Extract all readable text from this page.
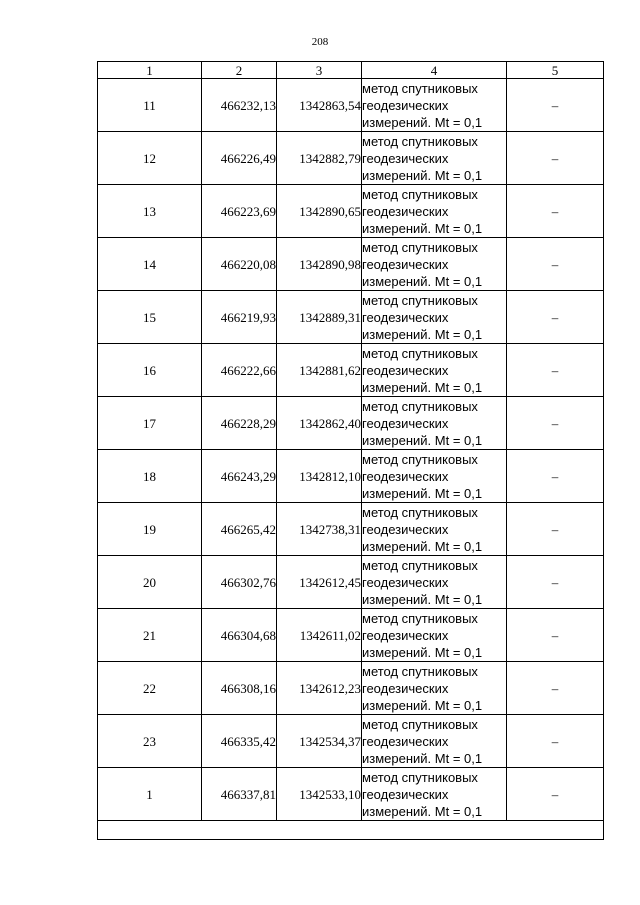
208
1	2	3	4	5
11	466232,13	1342863,54	метод спутниковых
геодезических
измерений. Mt = 0,1	–
12	466226,49	1342882,79	метод спутниковых
геодезических
измерений. Mt = 0,1	–
13	466223,69	1342890,65	метод спутниковых
геодезических
измерений. Mt = 0,1	–
14	466220,08	1342890,98	метод спутниковых
геодезических
измерений. Mt = 0,1	–
15	466219,93	1342889,31	метод спутниковых
геодезических
измерений. Mt = 0,1	–
16	466222,66	1342881,62	метод спутниковых
геодезических
измерений. Mt = 0,1	–
17	466228,29	1342862,40	метод спутниковых
геодезических
измерений. Mt = 0,1	–
18	466243,29	1342812,10	метод спутниковых
геодезических
измерений. Mt = 0,1	–
19	466265,42	1342738,31	метод спутниковых
геодезических
измерений. Mt = 0,1	–
20	466302,76	1342612,45	метод спутниковых
геодезических
измерений. Mt = 0,1	–
21	466304,68	1342611,02	метод спутниковых
геодезических
измерений. Mt = 0,1	–
22	466308,16	1342612,23	метод спутниковых
геодезических
измерений. Mt = 0,1	–
23	466335,42	1342534,37	метод спутниковых
геодезических
измерений. Mt = 0,1	–
1	466337,81	1342533,10	метод спутниковых
геодезических
измерений. Mt = 0,1	–
